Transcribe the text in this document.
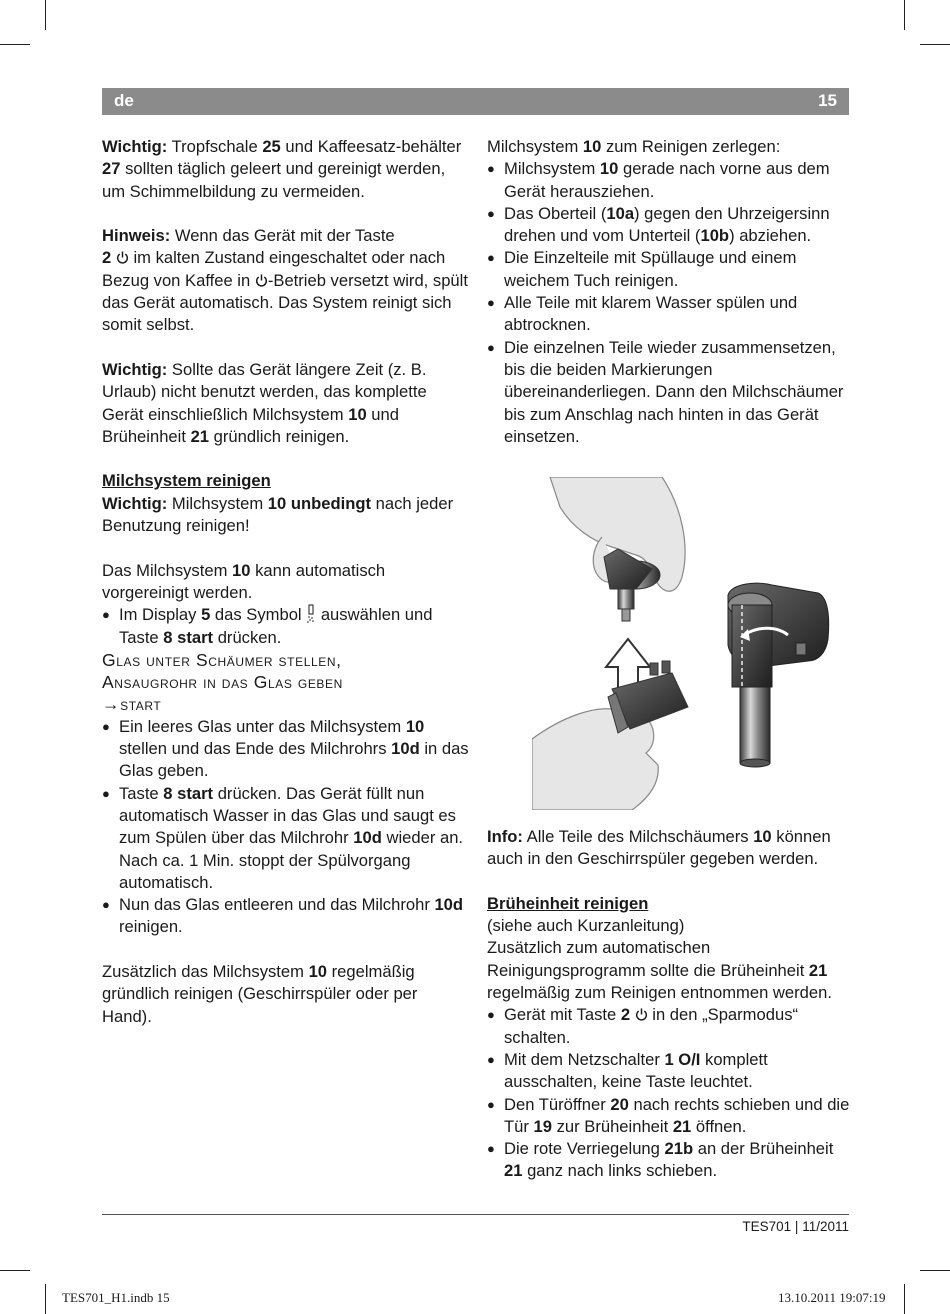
de	15

Wichtig: Tropfschale 25 und Kaffeesatz-behälter 27 sollten täglich geleert und gereinigt werden, um Schimmelbildung zu vermeiden.

Hinweis: Wenn das Gerät mit der Taste
2  im kalten Zustand eingeschaltet oder nach Bezug von Kaffee in -Betrieb versetzt wird, spült das Gerät automatisch. Das System reinigt sich somit selbst.

Wichtig: Sollte das Gerät längere Zeit (z. B. Urlaub) nicht benutzt werden, das komplette Gerät einschließlich Milchsystem 10 und Brüheinheit 21 gründlich reinigen.

Milchsystem reinigen

Wichtig: Milchsystem 10 unbedingt nach jeder Benutzung reinigen!

Das Milchsystem 10 kann automatisch vorgereinigt werden.

● Im Display 5 das Symbol  auswählen und Taste 8 start drücken.

Glas unter Schäumer stellen,

Ansaugrohr in das Glas geben

→start

● Ein leeres Glas unter das Milchsystem 10 stellen und das Ende des Milchrohrs 10d in das Glas geben.
● Taste 8 start drücken. Das Gerät füllt nun automatisch Wasser in das Glas und saugt es zum Spülen über das Milchrohr 10d wieder an. Nach ca. 1 Min. stoppt der Spülvorgang automatisch.
● Nun das Glas entleeren und das Milchrohr 10d reinigen.

Zusätzlich das Milchsystem 10 regelmäßig gründlich reinigen (Geschirrspüler oder per Hand).

Milchsystem 10 zum Reinigen zerlegen:

● Milchsystem 10 gerade nach vorne aus dem Gerät herausziehen.
● Das Oberteil (10a) gegen den Uhrzeigersinn drehen und vom Unterteil (10b) abziehen.
● Die Einzelteile mit Spüllauge und einem weichem Tuch reinigen.
● Alle Teile mit klarem Wasser spülen und abtrocknen.
● Die einzelnen Teile wieder zusammensetzen, bis die beiden Markierungen übereinanderliegen. Dann den Milchschäumer bis zum Anschlag nach hinten in das Gerät einsetzen.

Info: Alle Teile des Milchschäumers 10 können auch in den Geschirrspüler gegeben werden.

Brüheinheit reinigen

(siehe auch Kurzanleitung)

Zusätzlich zum automatischen Reinigungsprogramm sollte die Brüheinheit 21 regelmäßig zum Reinigen entnommen werden.

● Gerät mit Taste 2  in den „Sparmodus“ schalten.
● Mit dem Netzschalter 1 O/I komplett ausschalten, keine Taste leuchtet.
● Den Türöffner 20 nach rechts schieben und die Tür 19 zur Brüheinheit 21 öffnen.
● Die rote Verriegelung 21b an der Brüheinheit 21 ganz nach links schieben.
TES701 | 11/2011
TES701_H1.indb 15	13.10.2011 19:07:19
